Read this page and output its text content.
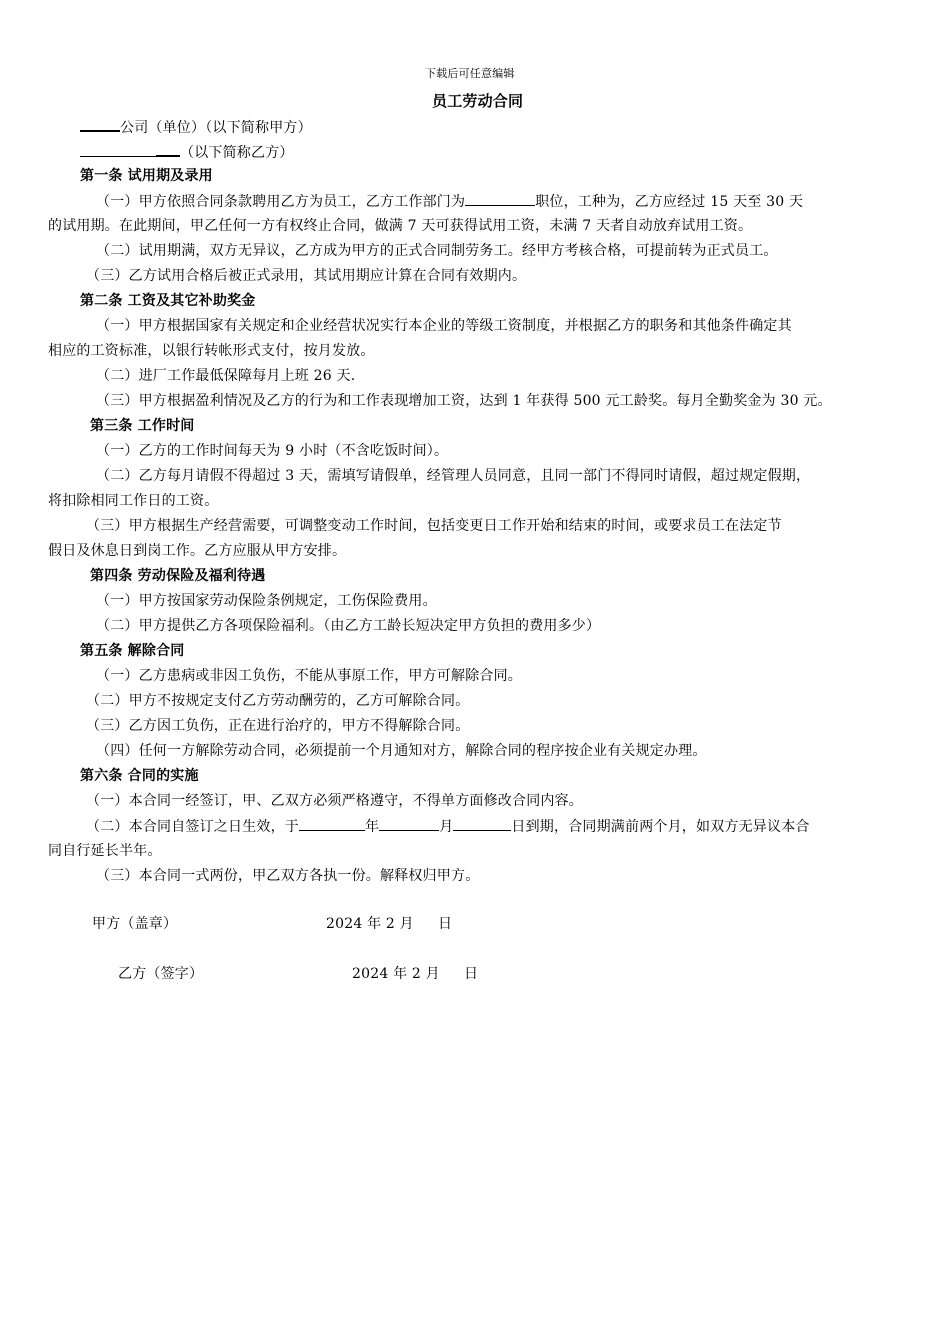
下载后可任意编辑
员工劳动合同
公司（单位）（以下简称甲方）
（以下简称乙方）
第一条 试用期及录用
（一）甲方依照合同条款聘用乙方为员工，乙方工作部门为	职位，工种为，乙方应经过 15 天至 30 天
的试用期。在此期间，甲乙任何一方有权终止合同，做满 7 天可获得试用工资，未满 7 天者自动放弃试用工资。
（二）试用期满，双方无异议，乙方成为甲方的正式合同制劳务工。经甲方考核合格，可提前转为正式员工。
（三）乙方试用合格后被正式录用，其试用期应计算在合同有效期内。
第二条 工资及其它补助奖金
（一）甲方根据国家有关规定和企业经营状况实行本企业的等级工资制度，并根据乙方的职务和其他条件确定其
相应的工资标准，以银行转帐形式支付，按月发放。
（二）进厂工作最低保障每月上班 26 天.
（三）甲方根据盈利情况及乙方的行为和工作表现增加工资，达到 1 年获得 500 元工龄奖。每月全勤奖金为 30 元。
第三条 工作时间
（一）乙方的工作时间每天为 9 小时（不含吃饭时间）。
（二）乙方每月请假不得超过 3 天，需填写请假单，经管理人员同意，且同一部门不得同时请假，超过规定假期，
将扣除相同工作日的工资。
（三）甲方根据生产经营需要，可调整变动工作时间，包括变更日工作开始和结束的时间，或要求员工在法定节
假日及休息日到岗工作。乙方应服从甲方安排。
第四条 劳动保险及福利待遇
（一）甲方按国家劳动保险条例规定，工伤保险费用。
（二）甲方提供乙方各项保险福利。（由乙方工龄长短决定甲方负担的费用多少）
第五条 解除合同
（一）乙方患病或非因工负伤，不能从事原工作，甲方可解除合同。
（二）甲方不按规定支付乙方劳动酬劳的，乙方可解除合同。
（三）乙方因工负伤，正在进行治疗的，甲方不得解除合同。
（四）任何一方解除劳动合同，必须提前一个月通知对方，解除合同的程序按企业有关规定办理。
第六条 合同的实施
（一）本合同一经签订，甲、乙双方必须严格遵守，不得单方面修改合同内容。
（二）本合同自签订之日生效，于	年	月	日到期，合同期满前两个月，如双方无异议本合
同自行延长半年。
（三）本合同一式两份，甲乙双方各执一份。解释权归甲方。
甲方（盖章）	2024 年 2 月 日
乙方（签字）	2024 年 2 月 日
